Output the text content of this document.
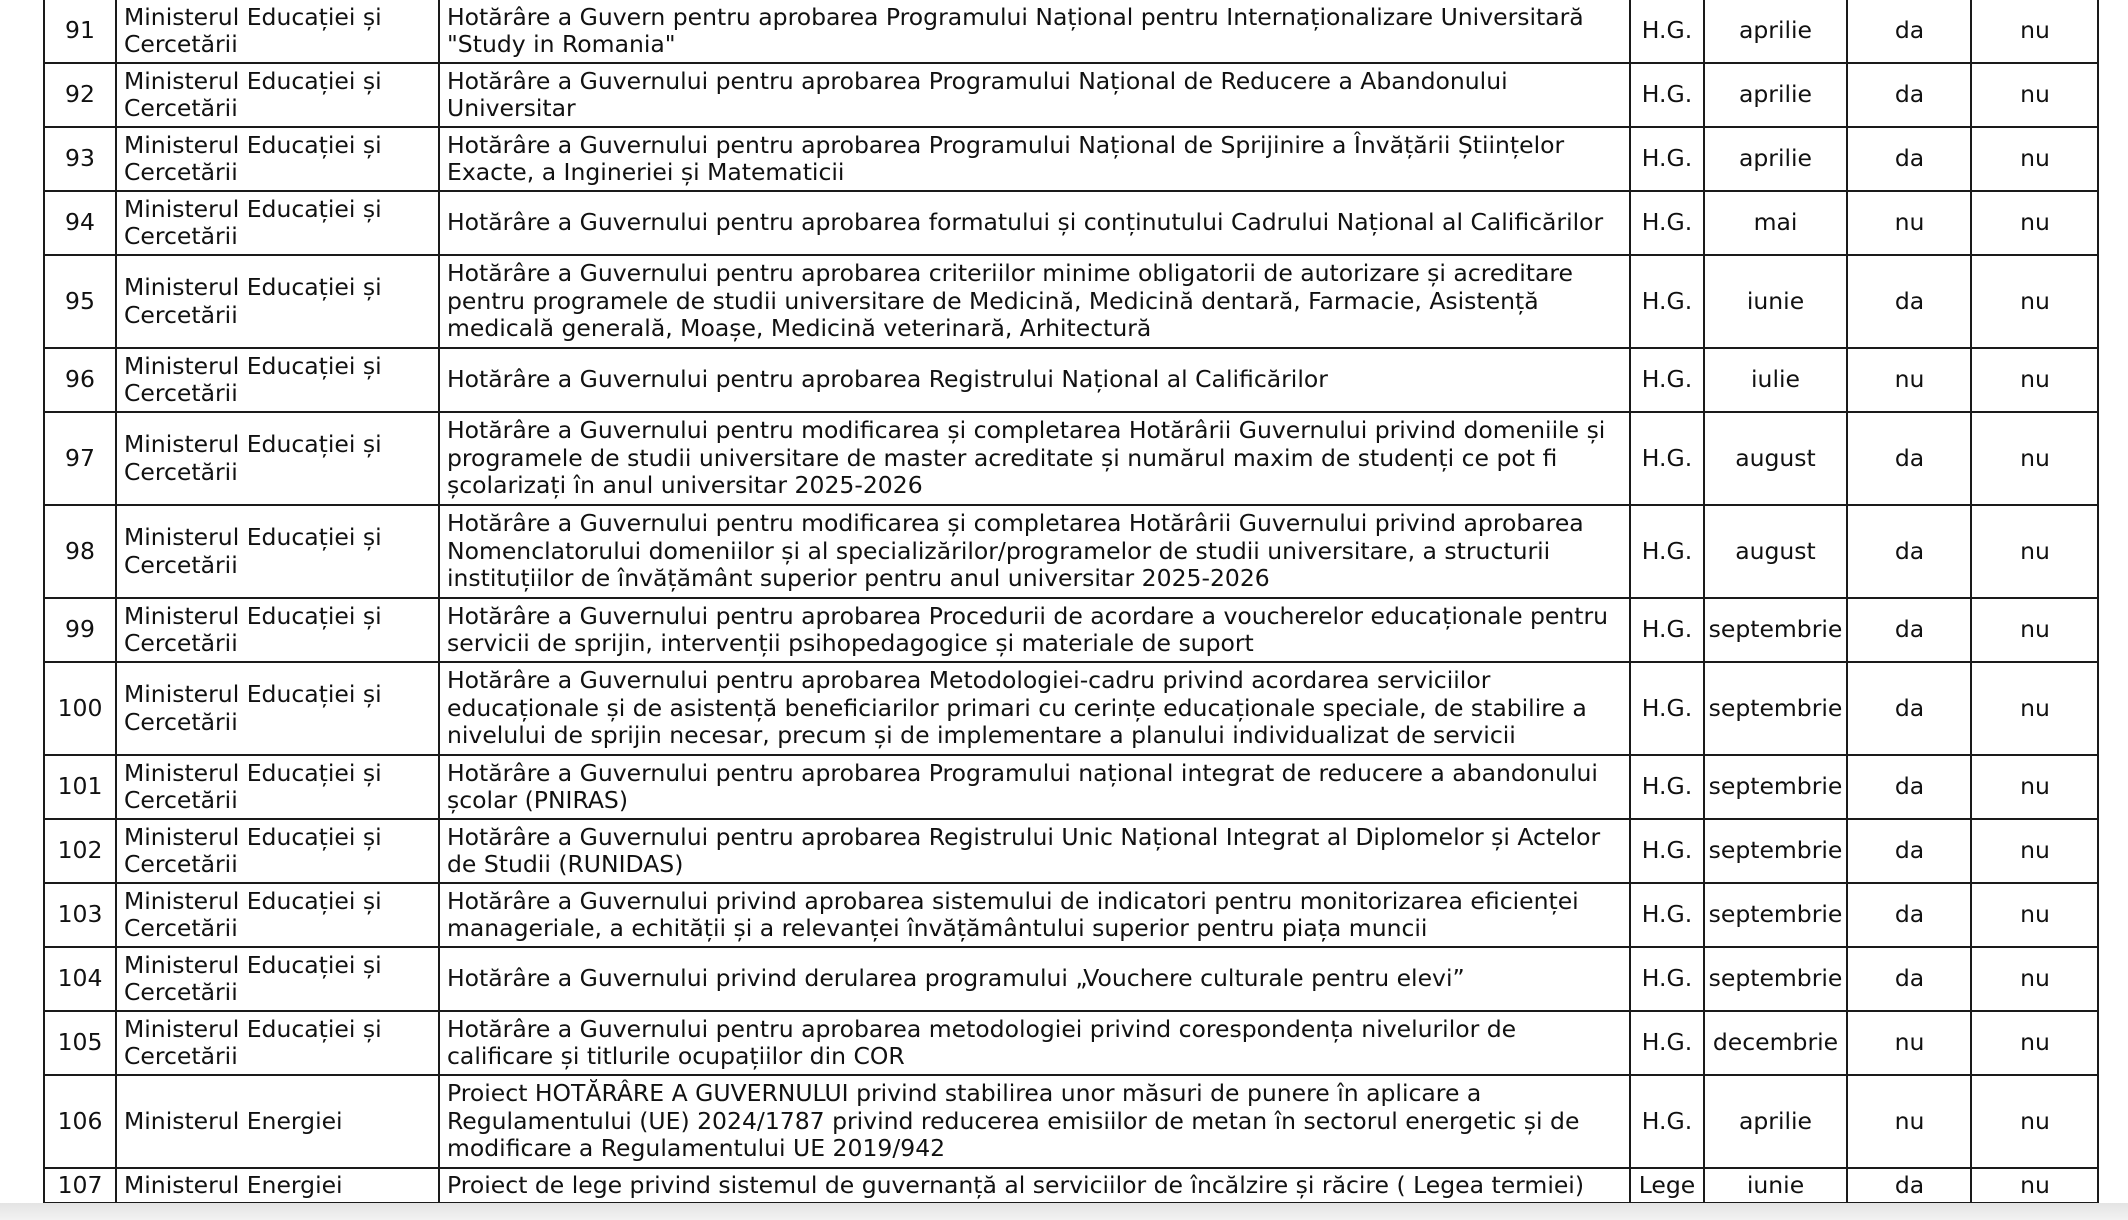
91	Ministerul Educației și Cercetării	Hotărâre a Guvern pentru aprobarea Programului Național pentru Internaționalizare Universitară "Study in Romania"	H.G.	aprilie	da	nu
92	Ministerul Educației și Cercetării	Hotărâre a Guvernului pentru aprobarea Programului Național de Reducere a Abandonului Universitar	H.G.	aprilie	da	nu
93	Ministerul Educației și Cercetării	Hotărâre a Guvernului pentru aprobarea Programului Național de Sprijinire a Învățării Științelor Exacte, a Ingineriei și Matematicii	H.G.	aprilie	da	nu
94	Ministerul Educației și Cercetării	Hotărâre a Guvernului pentru aprobarea formatului și conținutului Cadrului Național al Calificărilor	H.G.	mai	nu	nu
95	Ministerul Educației și Cercetării	Hotărâre a Guvernului pentru aprobarea criteriilor minime obligatorii de autorizare și acreditare pentru programele de studii universitare de Medicină, Medicină dentară, Farmacie, Asistență medicală generală, Moașe, Medicină veterinară, Arhitectură	H.G.	iunie	da	nu
96	Ministerul Educației și Cercetării	Hotărâre a Guvernului pentru aprobarea Registrului Național al Calificărilor	H.G.	iulie	nu	nu
97	Ministerul Educației și Cercetării	Hotărâre a Guvernului pentru modificarea și completarea Hotărârii Guvernului privind domeniile și programele de studii universitare de master acreditate și numărul maxim de studenți ce pot fi școlarizați în anul universitar 2025-2026	H.G.	august	da	nu
98	Ministerul Educației și Cercetării	Hotărâre a Guvernului pentru modificarea și completarea Hotărârii Guvernului privind aprobarea Nomenclatorului domeniilor și al specializărilor/programelor de studii universitare, a structurii instituțiilor de învățământ superior pentru anul universitar 2025-2026	H.G.	august	da	nu
99	Ministerul Educației și Cercetării	Hotărâre a Guvernului pentru aprobarea Procedurii de acordare a voucherelor educaționale pentru servicii de sprijin, intervenții psihopedagogice și materiale de suport	H.G.	septembrie	da	nu
100	Ministerul Educației și Cercetării	Hotărâre a Guvernului pentru aprobarea Metodologiei-cadru privind acordarea serviciilor educaționale și de asistență beneficiarilor primari cu cerințe educaționale speciale, de stabilire a nivelului de sprijin necesar, precum și de implementare a planului individualizat de servicii	H.G.	septembrie	da	nu
101	Ministerul Educației și Cercetării	Hotărâre a Guvernului pentru aprobarea Programului național integrat de reducere a abandonului școlar (PNIRAS)	H.G.	septembrie	da	nu
102	Ministerul Educației și Cercetării	Hotărâre a Guvernului pentru aprobarea Registrului Unic Național Integrat al Diplomelor și Actelor de Studii (RUNIDAS)	H.G.	septembrie	da	nu
103	Ministerul Educației și Cercetării	Hotărâre a Guvernului privind aprobarea sistemului de indicatori pentru monitorizarea eficienței manageriale, a echității și a relevanței învățământului superior pentru piața muncii	H.G.	septembrie	da	nu
104	Ministerul Educației și Cercetării	Hotărâre a Guvernului privind derularea programului „Vouchere culturale pentru elevi”	H.G.	septembrie	da	nu
105	Ministerul Educației și Cercetării	Hotărâre a Guvernului pentru aprobarea metodologiei privind corespondența nivelurilor de calificare și titlurile ocupațiilor din COR	H.G.	decembrie	nu	nu
106	Ministerul Energiei	Proiect HOTĂRÂRE A GUVERNULUI privind stabilirea unor măsuri de punere în aplicare a Regulamentului (UE) 2024/1787 privind reducerea emisiilor de metan în sectorul energetic și de modificare a Regulamentului UE 2019/942	H.G.	aprilie	nu	nu
107	Ministerul Energiei	Proiect de lege privind sistemul de guvernanță al serviciilor de încălzire și răcire ( Legea termiei)	Lege	iunie	da	nu
